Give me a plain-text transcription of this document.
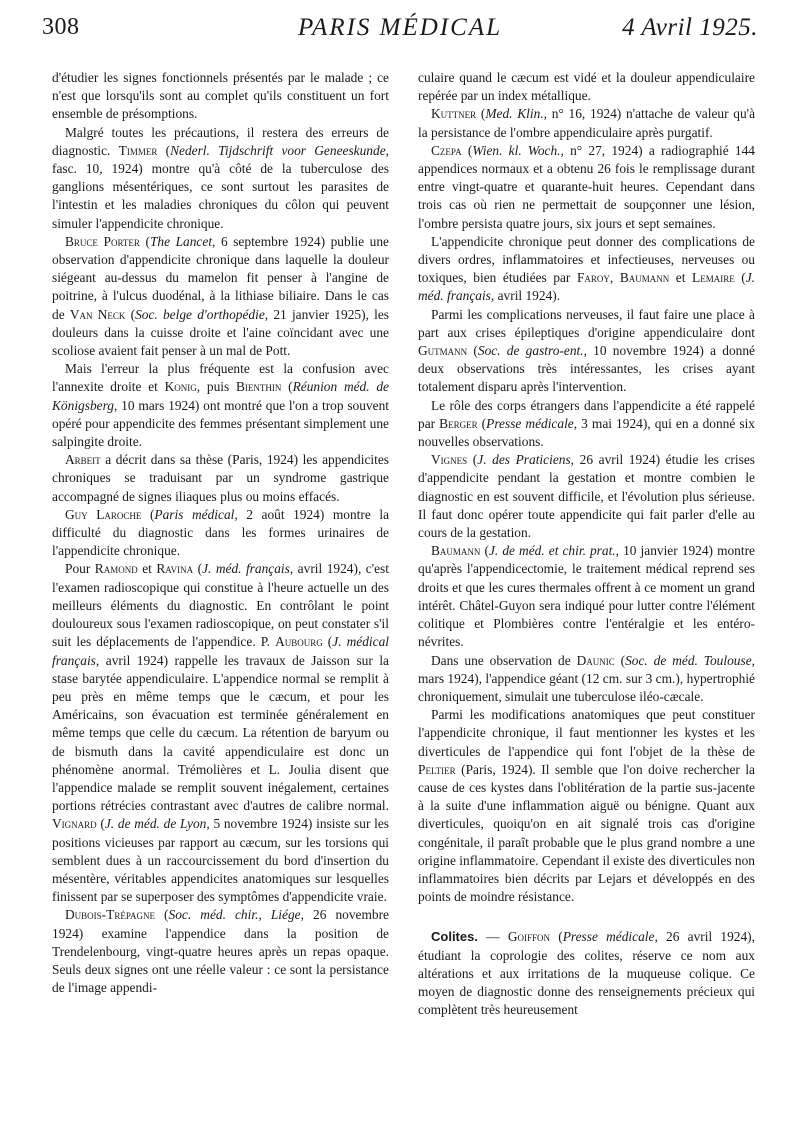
308	PARIS MÉDICAL	4 Avril 1925.

d'étudier les signes fonctionnels présentés par le malade ; ce n'est que lorsqu'ils sont au complet qu'ils constituent un fort ensemble de présomptions.

Malgré toutes les précautions, il restera des erreurs de diagnostic. Timmer (Nederl. Tijdschrift voor Geneeskunde, fasc. 10, 1924) montre qu'à côté de la tuberculose des ganglions mésentériques, ce sont surtout les parasites de l'intestin et les maladies chroniques du côlon qui peuvent simuler l'appendicite chronique.

Bruce Porter (The Lancet, 6 septembre 1924) publie une observation d'appendicite chronique dans laquelle la douleur siégeant au-dessus du mamelon fit penser à l'angine de poitrine, à l'ulcus duodénal, à la lithiase biliaire. Dans le cas de Van Neck (Soc. belge d'orthopédie, 21 janvier 1925), les douleurs dans la cuisse droite et l'aine coïncidant avec une scoliose avaient fait penser à un mal de Pott.

Mais l'erreur la plus fréquente est la confusion avec l'annexite droite et Konig, puis Bienthin (Réunion méd. de Königsberg, 10 mars 1924) ont montré que l'on a trop souvent opéré pour appendicite des femmes présentant simplement une salpingite droite.

Arbeit a décrit dans sa thèse (Paris, 1924) les appendicites chroniques se traduisant par un syndrome gastrique accompagné de signes iliaques plus ou moins effacés.

Guy Laroche (Paris médical, 2 août 1924) montre la difficulté du diagnostic dans les formes urinaires de l'appendicite chronique.

Pour Ramond et Ravina (J. méd. français, avril 1924), c'est l'examen radioscopique qui constitue à l'heure actuelle un des meilleurs éléments du diagnostic. En contrôlant le point douloureux sous l'examen radioscopique, on peut constater s'il suit les déplacements de l'appendice. P. Aubourg (J. médical français, avril 1924) rappelle les travaux de Jaisson sur la stase barytée appendiculaire. L'appendice normal se remplit à peu près en même temps que le cæcum, et pour les Américains, son évacuation est terminée généralement en même temps que celle du cæcum. La rétention de baryum ou de bismuth dans la cavité appendiculaire est donc un phénomène anormal. Trémolières et L. Joulia disent que l'appendice malade se remplit souvent inégalement, certaines portions rétrécies contrastant avec d'autres de calibre normal. Vignard (J. de méd. de Lyon, 5 novembre 1924) insiste sur les positions vicieuses par rapport au cæcum, sur les torsions qui semblent dues à un raccourcissement du bord d'insertion du mésentère, véritables appendicites anatomiques sur lesquelles finissent par se superposer des symptômes d'appendicite vraie.

Dubois-Trépagne (Soc. méd. chir., Liége, 26 novembre 1924) examine l'appendice dans la position de Trendelenbourg, vingt-quatre heures après un repas opaque. Seuls deux signes ont une réelle valeur : ce sont la persistance de l'image appendi-

culaire quand le cæcum est vidé et la douleur appendiculaire repérée par un index métallique.

Kuttner (Med. Klin., n° 16, 1924) n'attache de valeur qu'à la persistance de l'ombre appendiculaire après purgatif.

Czepa (Wien. kl. Woch., n° 27, 1924) a radiographié 144 appendices normaux et a obtenu 26 fois le remplissage durant entre vingt-quatre et quarante-huit heures. Cependant dans trois cas où rien ne permettait de soupçonner une lésion, l'ombre persista quatre jours, six jours et sept semaines.

L'appendicite chronique peut donner des complications de divers ordres, inflammatoires et infectieuses, nerveuses ou toxiques, bien étudiées par Faroy, Baumann et Lemaire (J. méd. français, avril 1924).

Parmi les complications nerveuses, il faut faire une place à part aux crises épileptiques d'origine appendiculaire dont Gutmann (Soc. de gastro-ent., 10 novembre 1924) a donné deux observations très intéressantes, les crises ayant totalement disparu après l'intervention.

Le rôle des corps étrangers dans l'appendicite a été rappelé par Berger (Presse médicale, 3 mai 1924), qui en a donné six nouvelles observations.

Vignes (J. des Praticiens, 26 avril 1924) étudie les crises d'appendicite pendant la gestation et montre combien le diagnostic en est souvent difficile, et l'évolution plus sérieuse. Il faut donc opérer toute appendicite qui fait parler d'elle au cours de la gestation.

Baumann (J. de méd. et chir. prat., 10 janvier 1924) montre qu'après l'appendicectomie, le traitement médical reprend ses droits et que les cures thermales offrent à ce moment un grand intérêt. Châtel-Guyon sera indiqué pour lutter contre l'élément colitique et Plombières contre l'entéralgie et les entéro-névrites.

Dans une observation de Daunic (Soc. de méd. Toulouse, mars 1924), l'appendice géant (12 cm. sur 3 cm.), hypertrophié chroniquement, simulait une tuberculose iléo-cæcale.

Parmi les modifications anatomiques que peut constituer l'appendicite chronique, il faut mentionner les kystes et les diverticules de l'appendice qui font l'objet de la thèse de Peltier (Paris, 1924). Il semble que l'on doive rechercher la cause de ces kystes dans l'oblitération de la partie sus-jacente à la suite d'une inflammation aiguë ou bénigne. Quant aux diverticules, quoiqu'on en ait signalé trois cas d'origine congénitale, il paraît probable que le plus grand nombre a une origine inflammatoire. Cependant il existe des diverticules non inflammatoires bien décrits par Lejars et développés en des points de moindre résistance.

Colites. — Goiffon (Presse médicale, 26 avril 1924), étudiant la coprologie des colites, réserve ce nom aux altérations et aux irritations de la muqueuse colique. Ce moyen de diagnostic donne des renseignements précieux qui complètent très heureusement
